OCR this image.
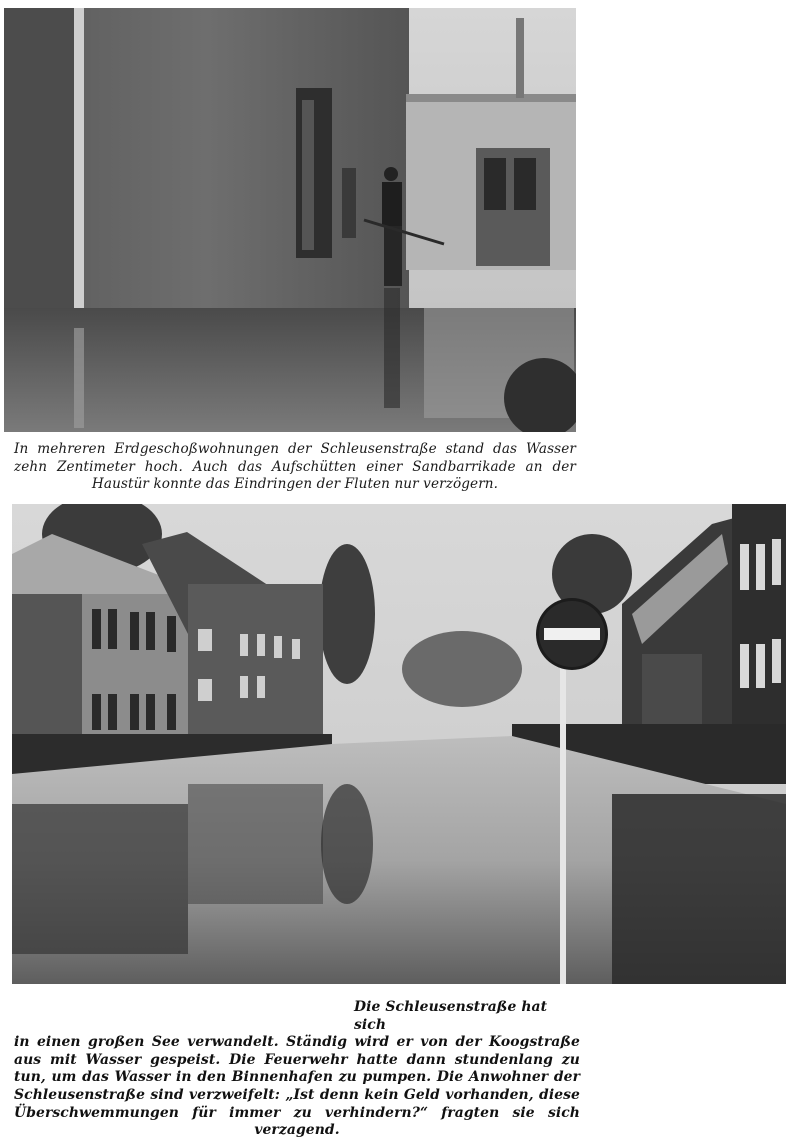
In mehreren Erdgeschoßwohnungen der Schleusenstraße stand das Wasser zehn Zentimeter hoch. Auch das Aufschütten einer Sandbarrikade an der Haustür konnte das Eindringen der Fluten nur verzögern.
Die Schleusenstraße hat sich
in einen großen See verwandelt. Ständig wird er von der Koogstraße aus mit Wasser gespeist. Die Feuerwehr hatte dann stundenlang zu tun, um das Wasser in den Binnenhafen zu pumpen. Die Anwohner der Schleusenstraße sind verzweifelt: „Ist denn kein Geld vorhanden, diese Überschwemmungen für immer zu verhindern?“ fragten sie sich verzagend.
